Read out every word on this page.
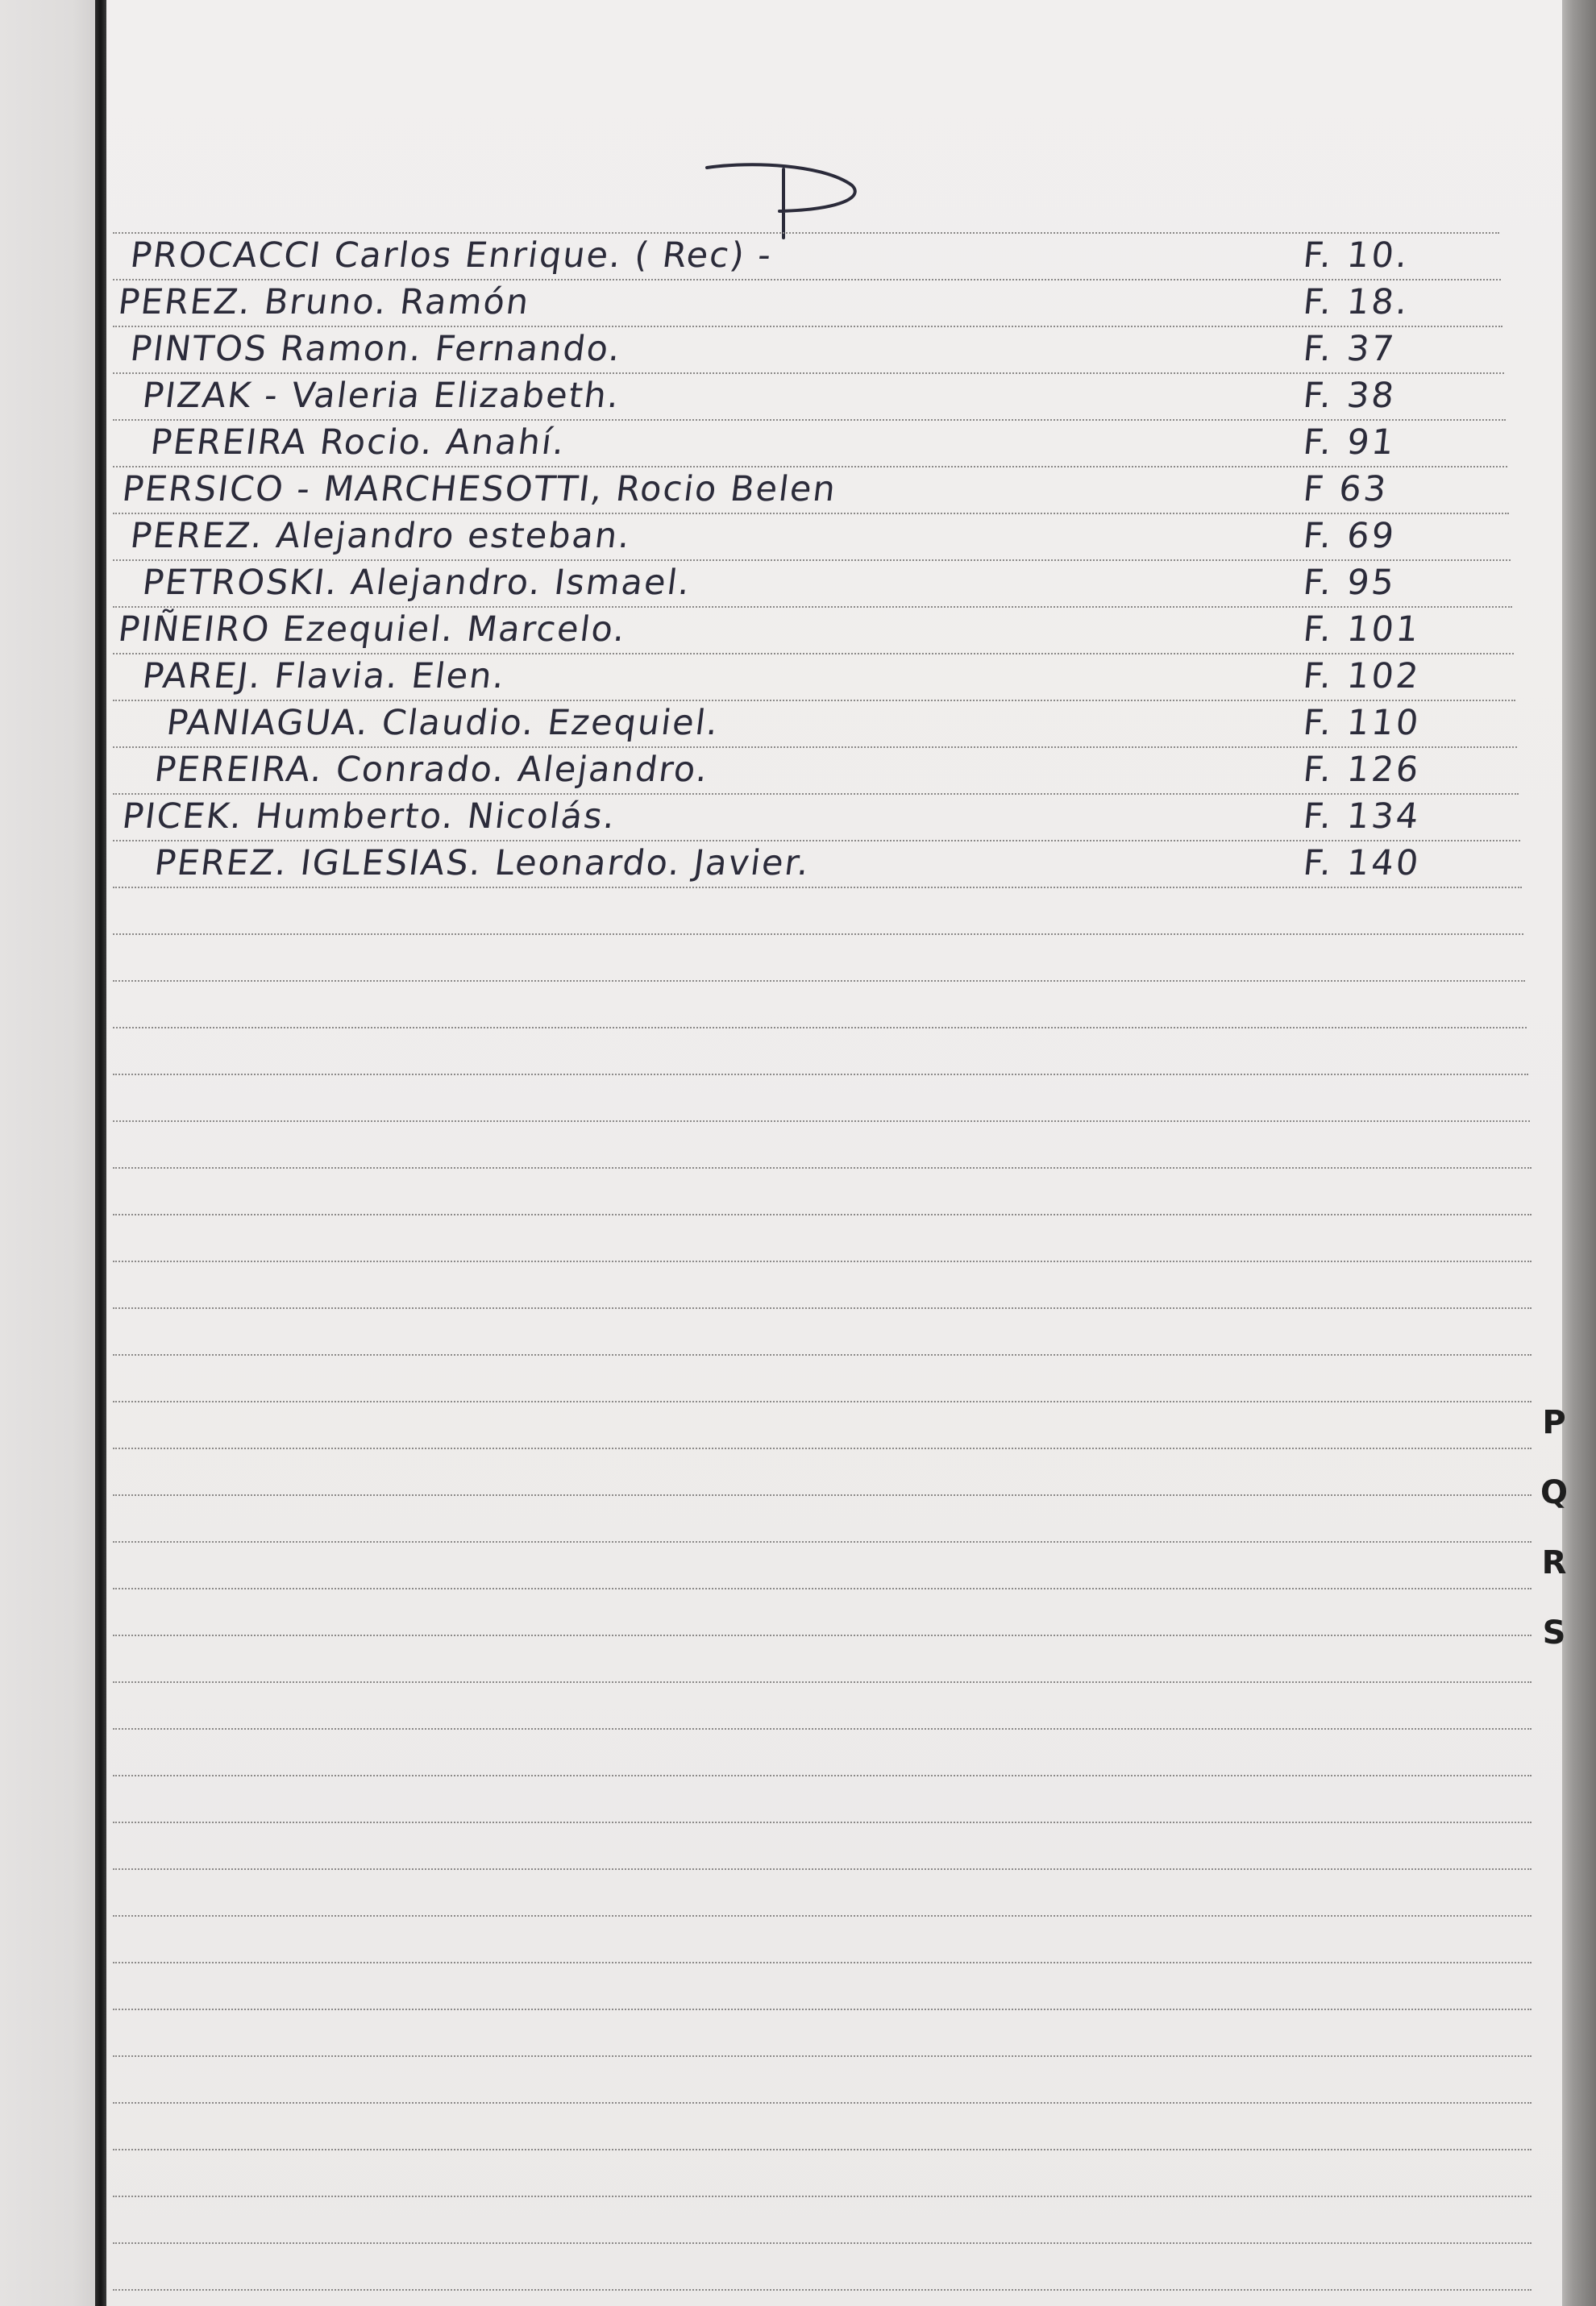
PROCACCI Carlos Enrique. ( Rec) -	F. 10.
PEREZ. Bruno. Ramón	F. 18.
PINTOS Ramon. Fernando.	F. 37
PIZAK - Valeria Elizabeth.	F. 38
PEREIRA Rocio. Anahí.	F. 91
PERSICO - MARCHESOTTI, Rocio Belen	F 63
PEREZ. Alejandro esteban.	F. 69
PETROSKI. Alejandro. Ismael.	F. 95
PIÑEIRO Ezequiel. Marcelo.	F. 101
PAREJ. Flavia. Elen.	F. 102
PANIAGUA. Claudio. Ezequiel.	F. 110
PEREIRA. Conrado. Alejandro.	F. 126
PICEK. Humberto. Nicolás.	F. 134
PEREZ. IGLESIAS. Leonardo. Javier.	F. 140
P
Q
R
S
